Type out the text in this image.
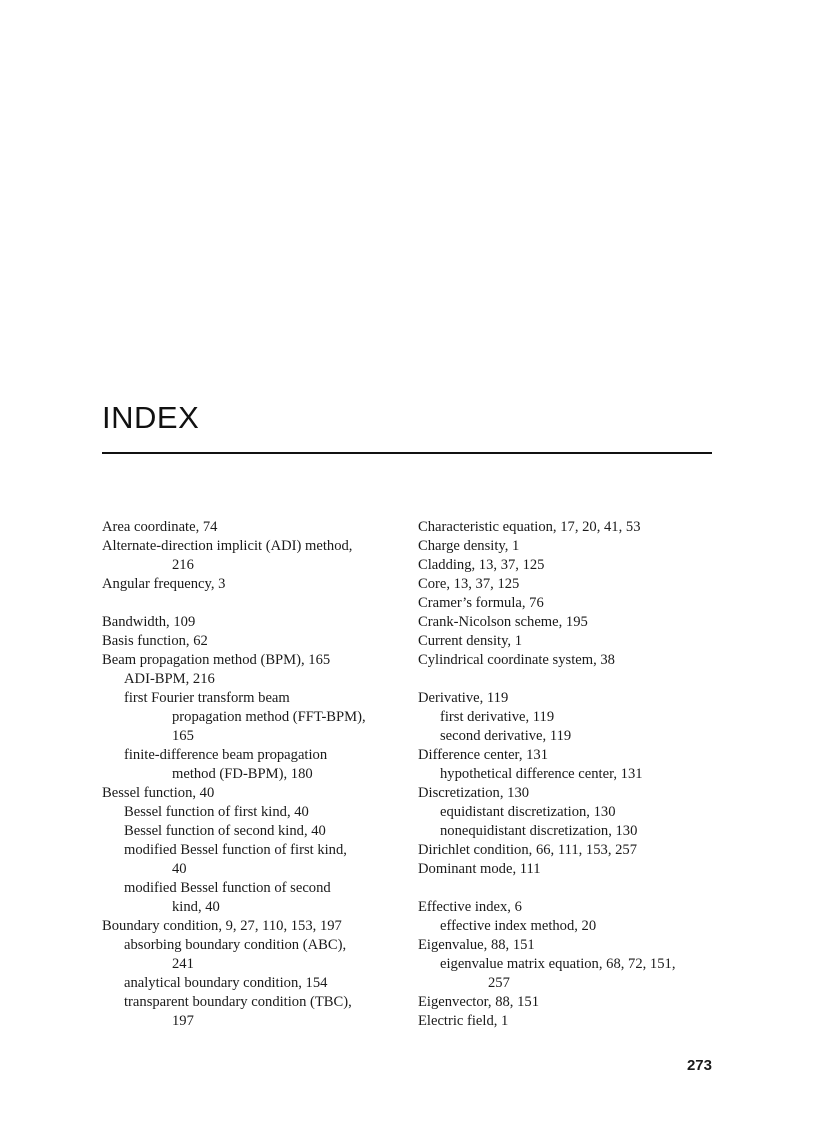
INDEX
Area coordinate, 74
Alternate-direction implicit (ADI) method,
216
Angular frequency, 3
Bandwidth, 109
Basis function, 62
Beam propagation method (BPM), 165
ADI-BPM, 216
first Fourier transform beam
propagation method (FFT-BPM),
165
finite-difference beam propagation
method (FD-BPM), 180
Bessel function, 40
Bessel function of first kind, 40
Bessel function of second kind, 40
modified Bessel function of first kind,
40
modified Bessel function of second
kind, 40
Boundary condition, 9, 27, 110, 153, 197
absorbing boundary condition (ABC),
241
analytical boundary condition, 154
transparent boundary condition (TBC),
197
Characteristic equation, 17, 20, 41, 53
Charge density, 1
Cladding, 13, 37, 125
Core, 13, 37, 125
Cramer’s formula, 76
Crank-Nicolson scheme, 195
Current density, 1
Cylindrical coordinate system, 38
Derivative, 119
first derivative, 119
second derivative, 119
Difference center, 131
hypothetical difference center, 131
Discretization, 130
equidistant discretization, 130
nonequidistant discretization, 130
Dirichlet condition, 66, 111, 153, 257
Dominant mode, 111
Effective index, 6
effective index method, 20
Eigenvalue, 88, 151
eigenvalue matrix equation, 68, 72, 151,
257
Eigenvector, 88, 151
Electric field, 1
273
